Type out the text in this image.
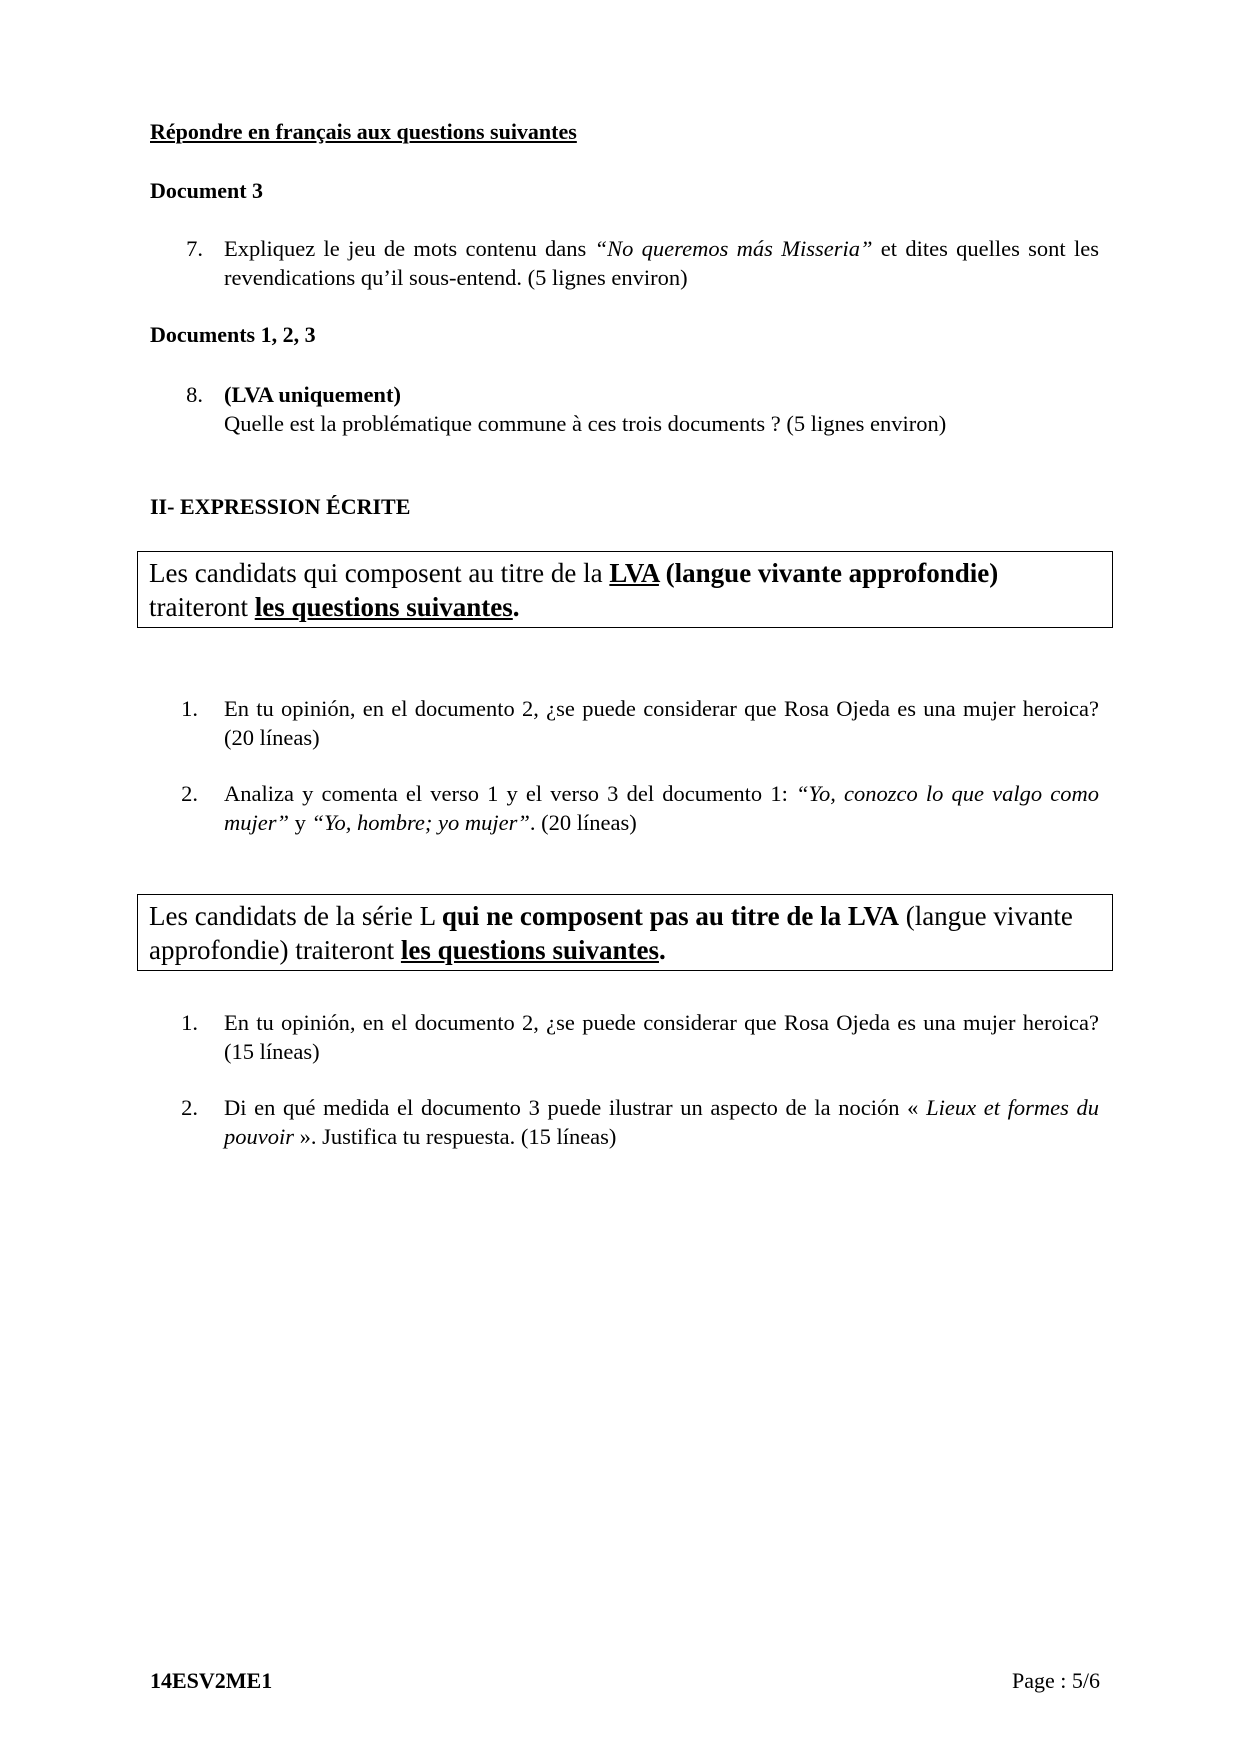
Répondre en français aux questions suivantes
Document 3
7. Expliquez le jeu de mots contenu dans “No queremos más Misseria” et dites quelles sont les revendications qu’il sous-entend. (5 lignes environ)
Documents 1, 2, 3
8. (LVA uniquement)
Quelle est la problématique commune à ces trois documents ? (5 lignes environ)
II- EXPRESSION ÉCRITE
Les candidats qui composent au titre de la LVA (langue vivante approfondie)
traiteront les questions suivantes.
1. En tu opinión, en el documento 2, ¿se puede considerar que Rosa Ojeda es una mujer heroica? (20 líneas)
2. Analiza y comenta el verso 1 y el verso 3 del documento 1: “Yo, conozco lo que valgo como mujer” y “Yo, hombre; yo mujer”. (20 líneas)
Les candidats de la série L qui ne composent pas au titre de la LVA (langue vivante approfondie) traiteront les questions suivantes.
1. En tu opinión, en el documento 2, ¿se puede considerar que Rosa Ojeda es una mujer heroica? (15 líneas)
2. Di en qué medida el documento 3 puede ilustrar un aspecto de la noción « Lieux et formes du pouvoir ». Justifica tu respuesta. (15 líneas)
14ESV2ME1	Page : 5/6
